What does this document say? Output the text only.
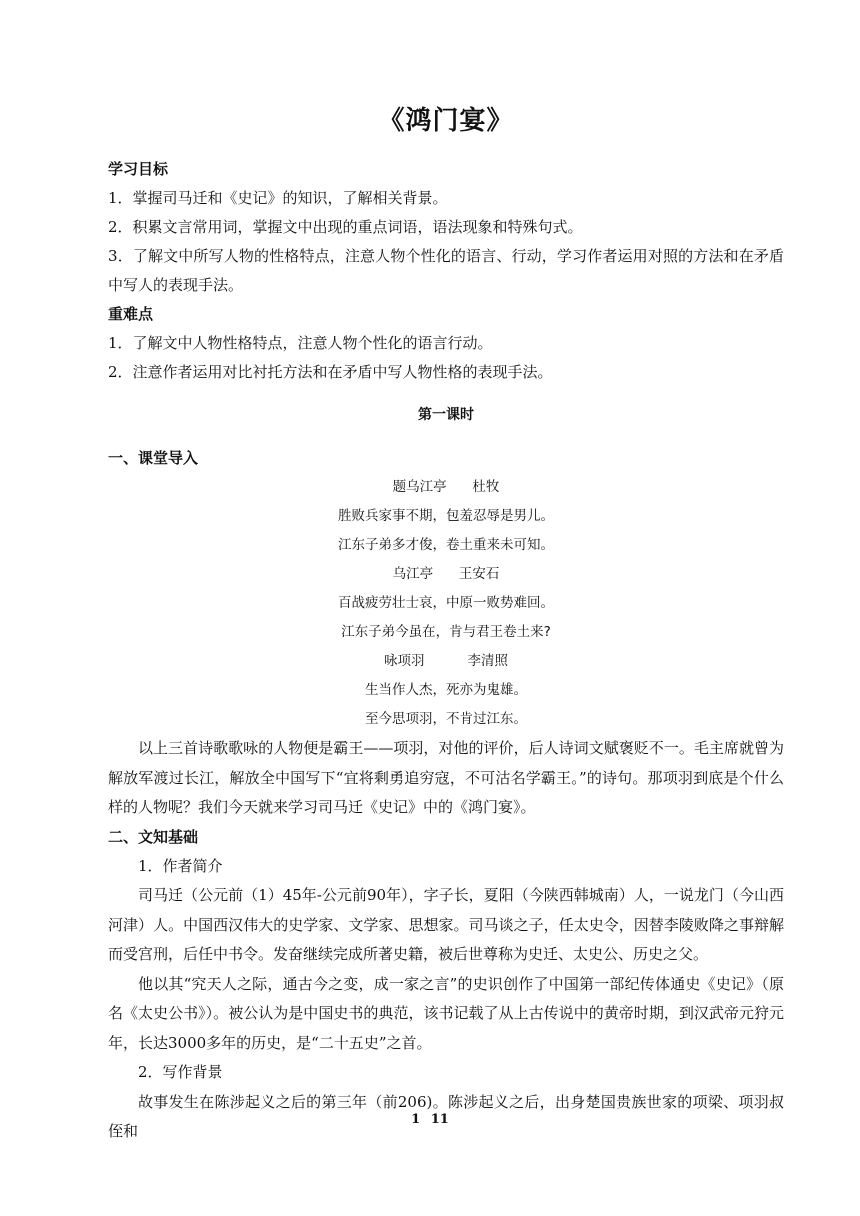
《鸿门宴》

学习目标

1．掌握司马迁和《史记》的知识，了解相关背景。

2．积累文言常用词，掌握文中出现的重点词语，语法现象和特殊句式。

3．了解文中所写人物的性格特点，注意人物个性化的语言、行动，学习作者运用对照的方法和在矛盾中写人的表现手法。

重难点

1．了解文中人物性格特点，注意人物个性化的语言行动。

2．注意作者运用对比衬托方法和在矛盾中写人物性格的表现手法。

第一课时

一、课堂导入

题乌江亭 杜牧

胜败兵家事不期，包羞忍辱是男儿。

江东子弟多才俊，卷土重来未可知。

乌江亭 王安石

百战疲劳壮士哀，中原一败势难回。

江东子弟今虽在，肯与君王卷土来?

咏项羽	李清照

生当作人杰，死亦为鬼雄。

至今思项羽，不肯过江东。

以上三首诗歌歌咏的人物便是霸王——项羽，对他的评价，后人诗词文赋褒贬不一。毛主席就曾为解放军渡过长江，解放全中国写下“宜将剩勇追穷寇，不可沽名学霸王。”的诗句。那项羽到底是个什么样的人物呢？我们今天就来学习司马迁《史记》中的《鸿门宴》。

二、文知基础

1．作者简介

司马迁（公元前（1）45年-公元前90年），字子长，夏阳（今陕西韩城南）人，一说龙门（今山西河津）人。中国西汉伟大的史学家、文学家、思想家。司马谈之子，任太史令，因替李陵败降之事辩解而受宫刑，后任中书令。发奋继续完成所著史籍，被后世尊称为史迁、太史公、历史之父。

他以其“究天人之际，通古今之变，成一家之言”的史识创作了中国第一部纪传体通史《史记》（原名《太史公书》）。被公认为是中国史书的典范，该书记载了从上古传说中的黄帝时期，到汉武帝元狩元年，长达3000多年的历史，是“二十五史”之首。

2．写作背景

故事发生在陈涉起义之后的第三年（前206)。陈涉起义之后，出身楚国贵族世家的项梁、项羽叔侄和

1 11
